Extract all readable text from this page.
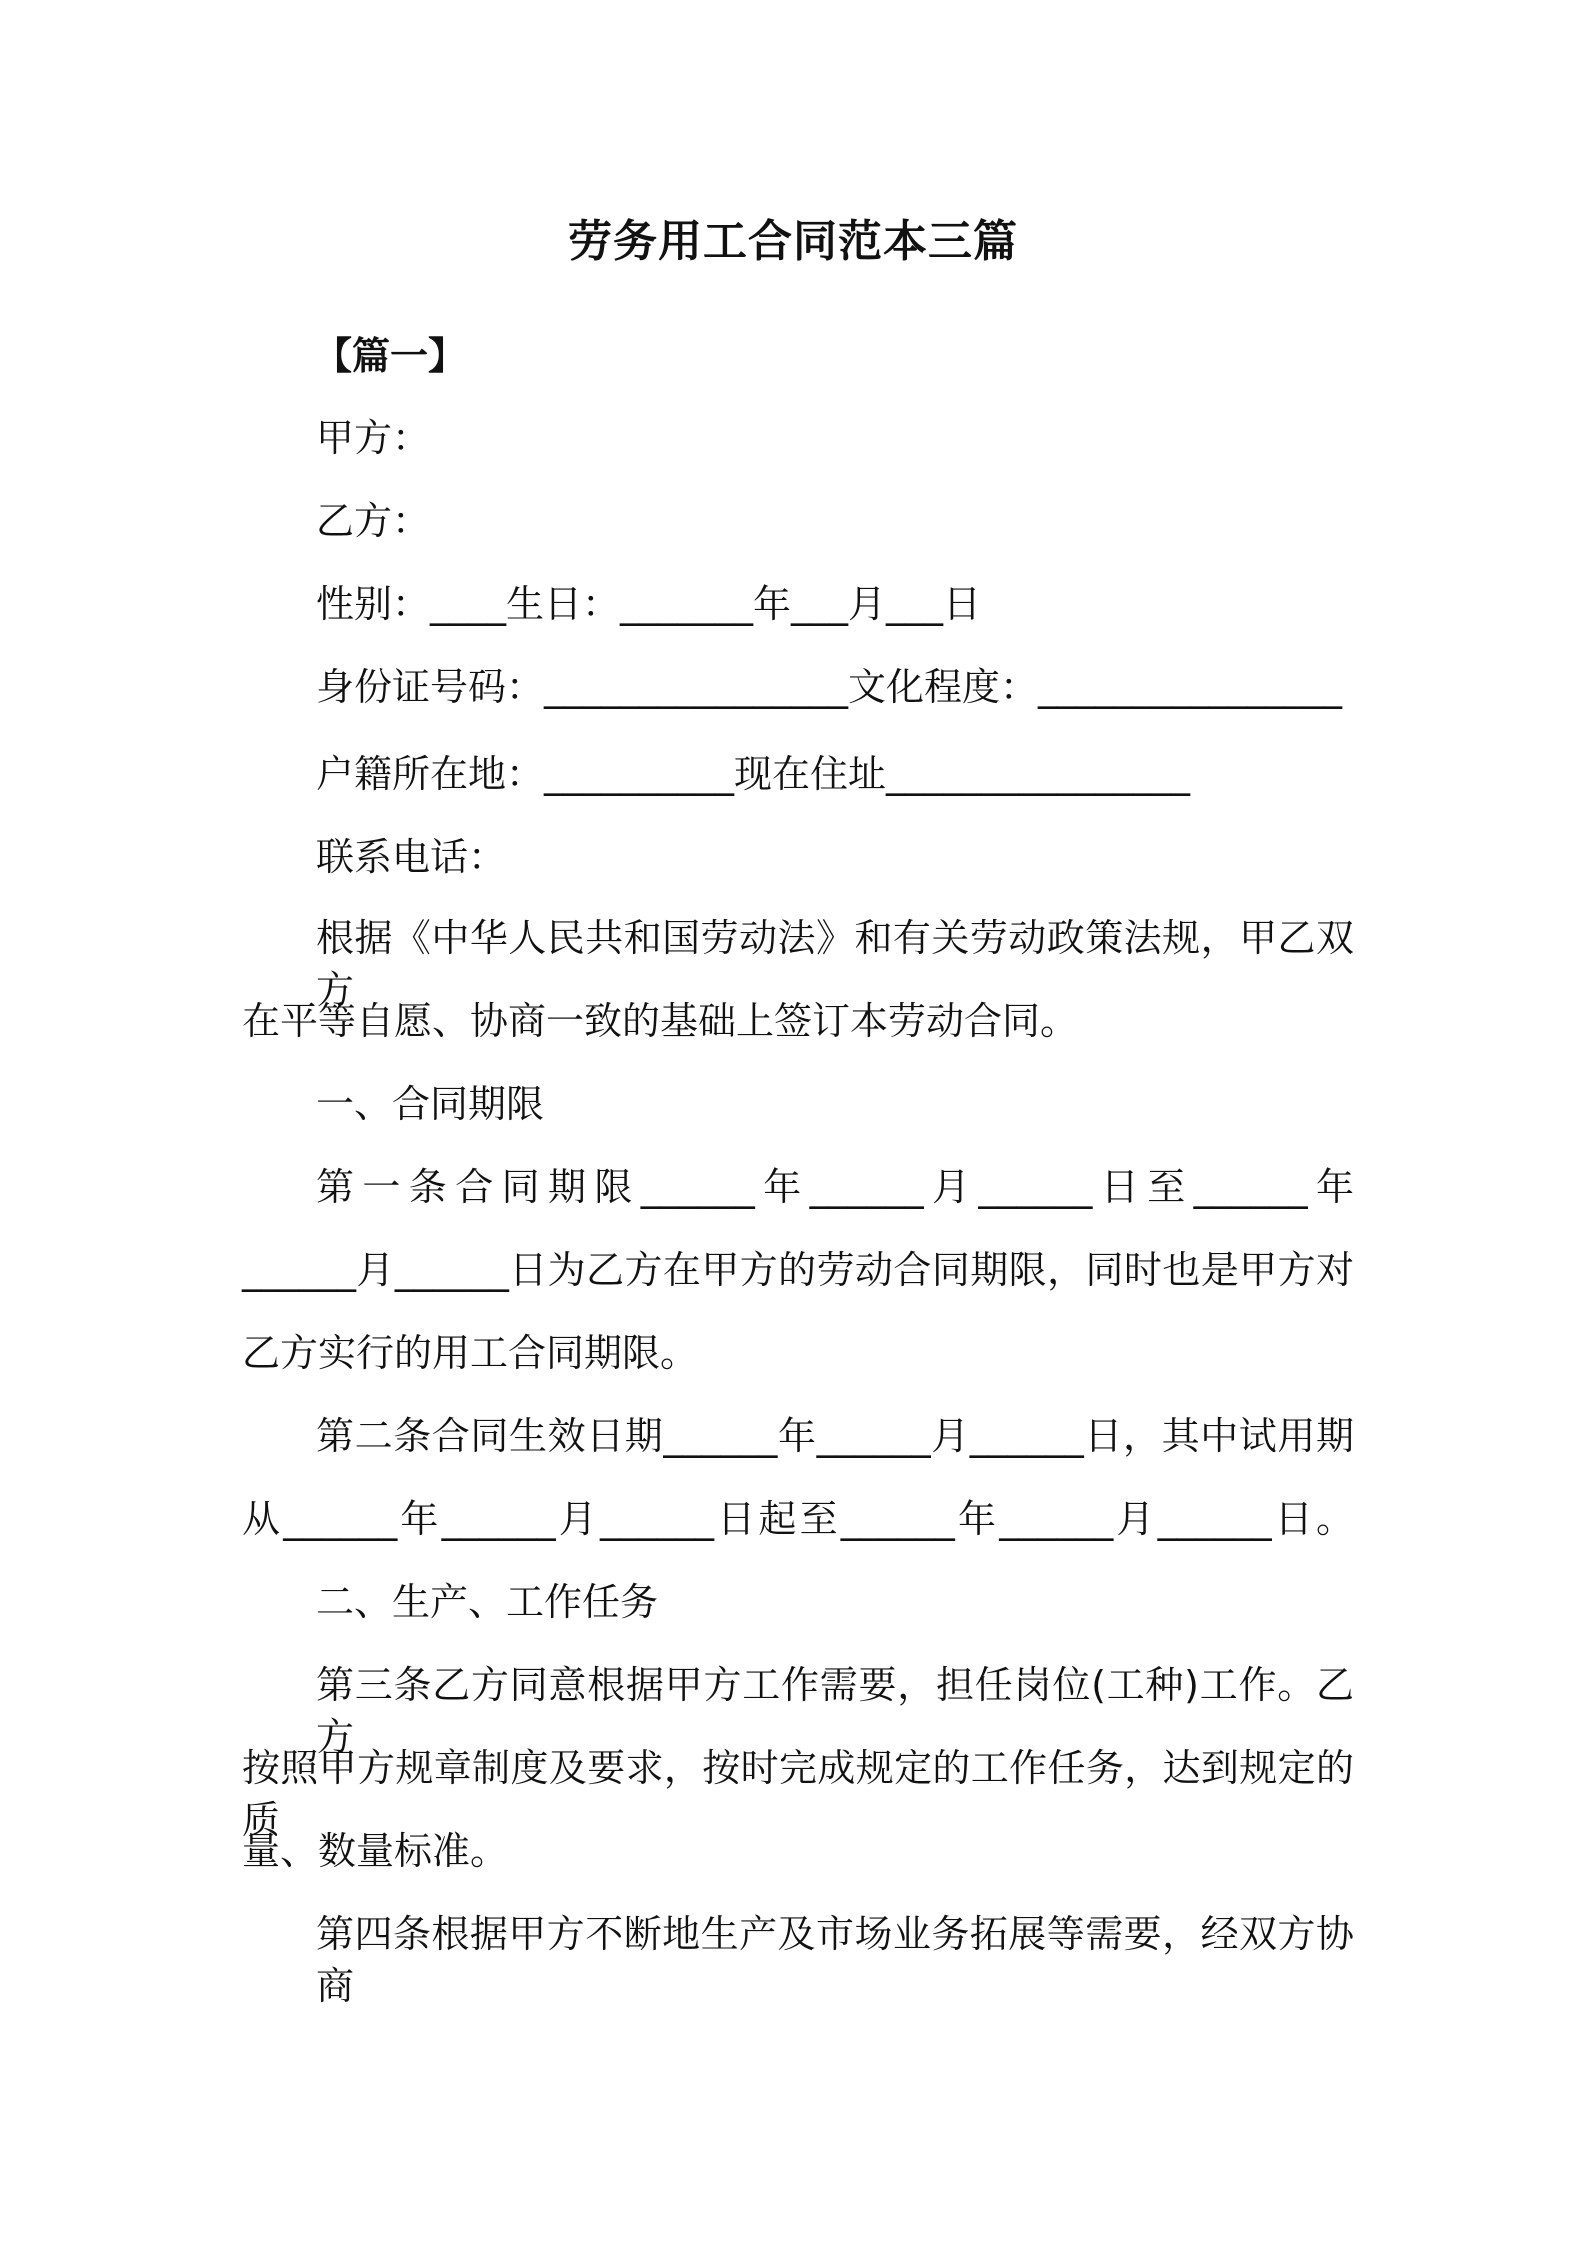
劳务用工合同范本三篇
【篇一】
甲方：
乙方：
性别：____生日：_______年___月___日
身份证号码：________________文化程度：________________
户籍所在地：__________现在住址________________
联系电话：
根据《中华人民共和国劳动法》和有关劳动政策法规，甲乙双方
在平等自愿、协商一致的基础上签订本劳动合同。
一、合同期限
第一条合同期限______年______月______日至______年
______月______日为乙方在甲方的劳动合同期限，同时也是甲方对
乙方实行的用工合同期限。
第二条合同生效日期______年______月______日，其中试用期
从______年______月______日起至______年______月______日。
二、生产、工作任务
第三条乙方同意根据甲方工作需要，担任岗位(工种)工作。乙方
按照甲方规章制度及要求，按时完成规定的工作任务，达到规定的质
量、数量标准。
第四条根据甲方不断地生产及市场业务拓展等需要，经双方协商
